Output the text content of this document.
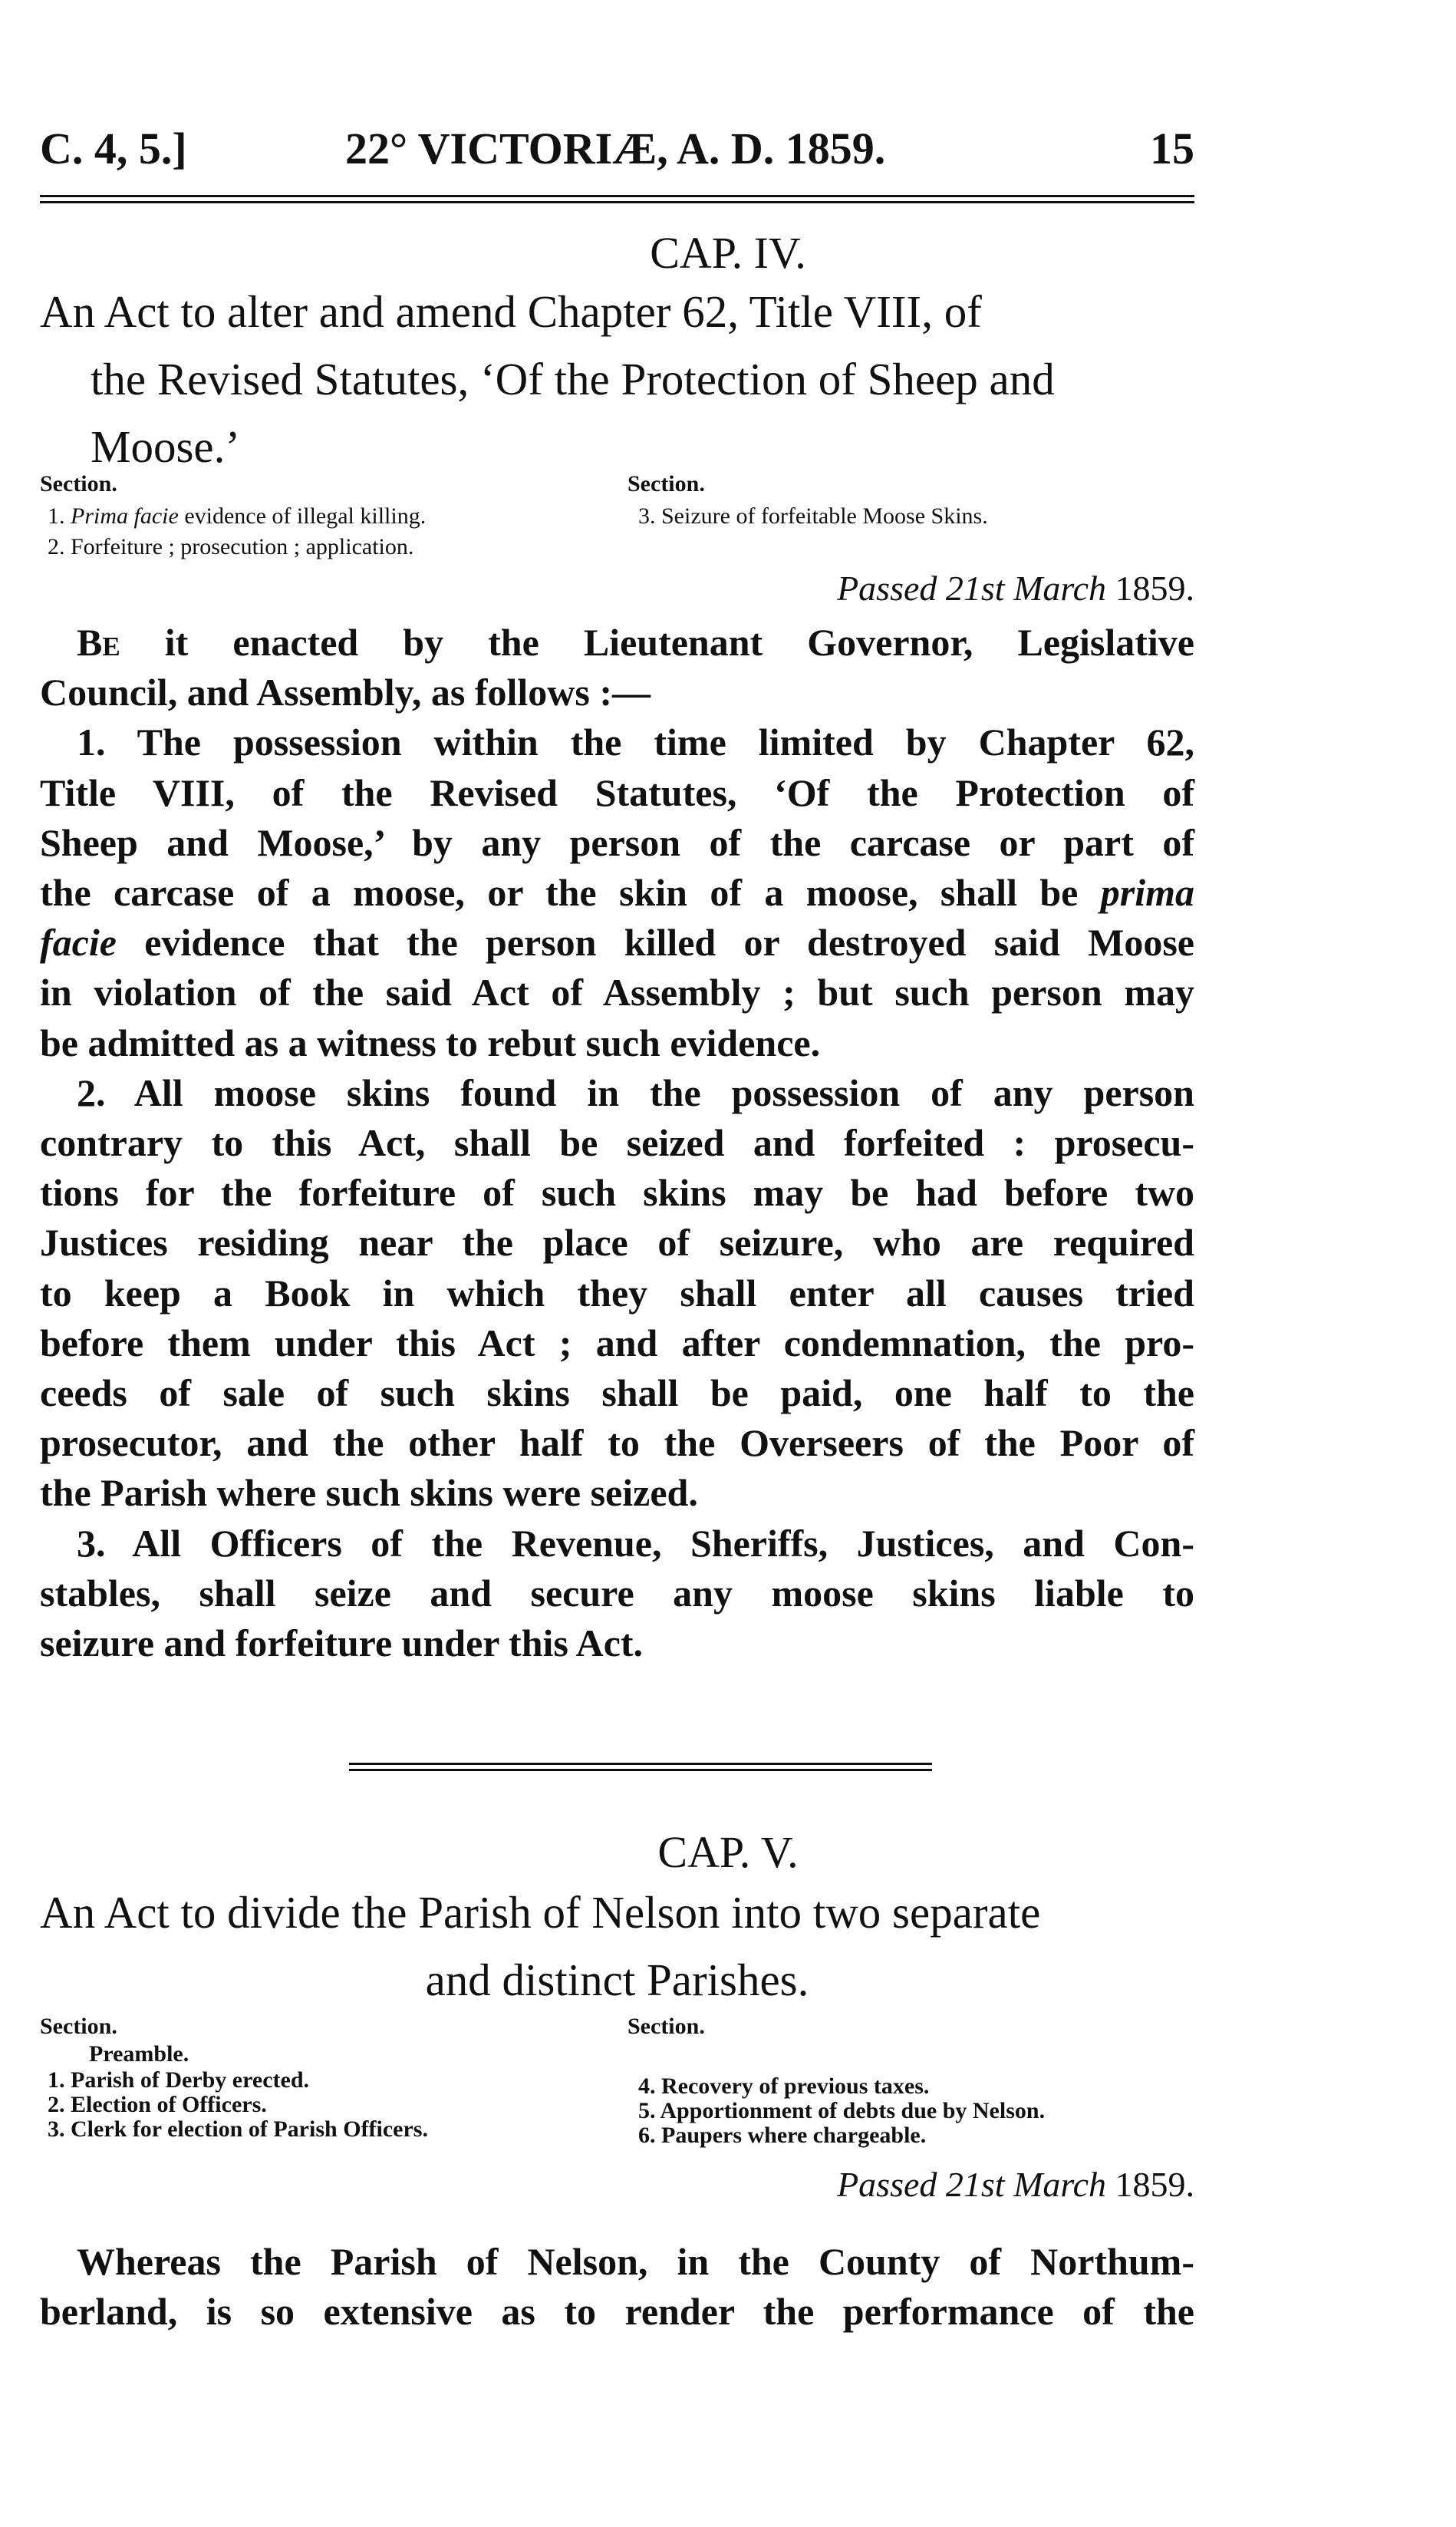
C. 4, 5.]	22° VICTORIÆ, A. D. 1859.	15
CAP. IV.
An Act to alter and amend Chapter 62, Title VIII, of
the Revised Statutes, ‘Of the Protection of Sheep and
Moose.’
Section.	Section.
1. Prima facie evidence of illegal killing.
2. Forfeiture ; prosecution ; application.
3. Seizure of forfeitable Moose Skins.
Passed 21st March 1859.
Be it enacted by the Lieutenant Governor, Legislative
Council, and Assembly, as follows :—
1. The possession within the time limited by Chapter 62,
Title VIII, of the Revised Statutes, ‘Of the Protection of
Sheep and Moose,’ by any person of the carcase or part of
the carcase of a moose, or the skin of a moose, shall be prima
facie evidence that the person killed or destroyed said Moose
in violation of the said Act of Assembly ; but such person may
be admitted as a witness to rebut such evidence.
2. All moose skins found in the possession of any person
contrary to this Act, shall be seized and forfeited : prosecu-
tions for the forfeiture of such skins may be had before two
Justices residing near the place of seizure, who are required
to keep a Book in which they shall enter all causes tried
before them under this Act ; and after condemnation, the pro-
ceeds of sale of such skins shall be paid, one half to the
prosecutor, and the other half to the Overseers of the Poor of
the Parish where such skins were seized.
3. All Officers of the Revenue, Sheriffs, Justices, and Con-
stables, shall seize and secure any moose skins liable to
seizure and forfeiture under this Act.
CAP. V.
An Act to divide the Parish of Nelson into two separate
and distinct Parishes.
Section.	Section.
Preamble.
1. Parish of Derby erected.
2. Election of Officers.
3. Clerk for election of Parish Officers.
4. Recovery of previous taxes.
5. Apportionment of debts due by Nelson.
6. Paupers where chargeable.
Passed 21st March 1859.
Whereas the Parish of Nelson, in the County of Northum-
berland, is so extensive as to render the performance of the
